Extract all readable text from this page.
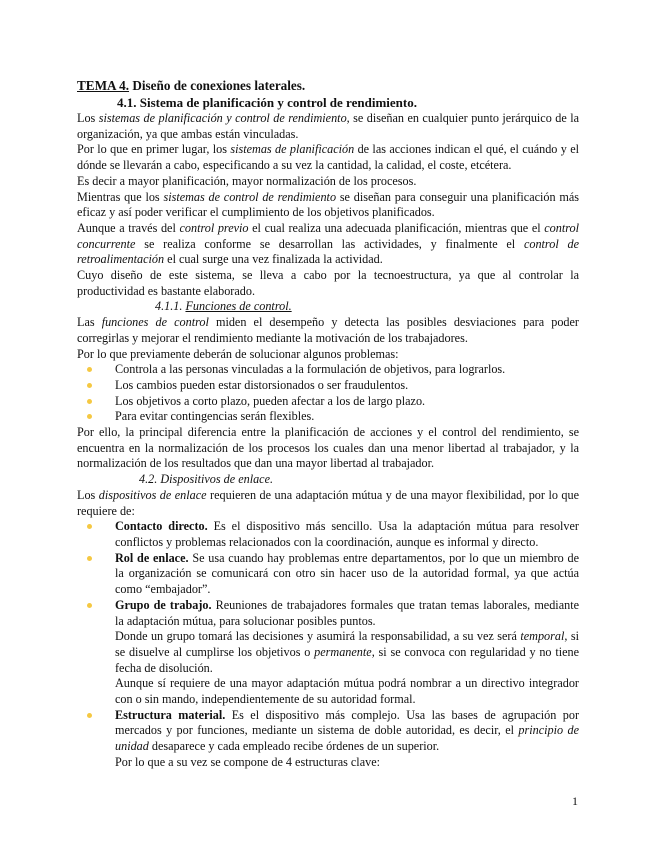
TEMA 4. Diseño de conexiones laterales.
4.1. Sistema de planificación y control de rendimiento.

Los sistemas de planificación y control de rendimiento, se diseñan en cualquier punto jerárquico de la organización, ya que ambas están vinculadas.

Por lo que en primer lugar, los sistemas de planificación de las acciones indican el qué, el cuándo y el dónde se llevarán a cabo, especificando a su vez la cantidad, la calidad, el coste, etcétera.

Es decir a mayor planificación, mayor normalización de los procesos.

Mientras que los sistemas de control de rendimiento se diseñan para conseguir una planificación más eficaz y así poder verificar el cumplimiento de los objetivos planificados.

Aunque a través del control previo el cual realiza una adecuada planificación, mientras que el control concurrente se realiza conforme se desarrollan las actividades, y finalmente el control de retroalimentación el cual surge una vez finalizada la actividad.

Cuyo diseño de este sistema, se lleva a cabo por la tecnoestructura, ya que al controlar la productividad es bastante elaborado.

4.1.1. Funciones de control.

Las funciones de control miden el desempeño y detecta las posibles desviaciones para poder corregirlas y mejorar el rendimiento mediante la motivación de los trabajadores.

Por lo que previamente deberán de solucionar algunos problemas:

Controla a las personas vinculadas a la formulación de objetivos, para lograrlos.
Los cambios pueden estar distorsionados o ser fraudulentos.
Los objetivos a corto plazo, pueden afectar a los de largo plazo.
Para evitar contingencias serán flexibles.

Por ello, la principal diferencia entre la planificación de acciones y el control del rendimiento, se encuentra en la normalización de los procesos los cuales dan una menor libertad al trabajador, y la normalización de los resultados que dan una mayor libertad al trabajador.

4.2. Dispositivos de enlace.

Los dispositivos de enlace requieren de una adaptación mútua y de una mayor flexibilidad, por lo que requiere de:

Contacto directo. Es el dispositivo más sencillo. Usa la adaptación mútua para resolver conflictos y problemas relacionados con la coordinación, aunque es informal y directo.
Rol de enlace. Se usa cuando hay problemas entre departamentos, por lo que un miembro de la organización se comunicará con otro sin hacer uso de la autoridad formal, ya que actúa como “embajador”.
Grupo de trabajo. Reuniones de trabajadores formales que tratan temas laborales, mediante la adaptación mútua, para solucionar posibles puntos.
Donde un grupo tomará las decisiones y asumirá la responsabilidad, a su vez será temporal, si se disuelve al cumplirse los objetivos o permanente, si se convoca con regularidad y no tiene fecha de disolución.
Aunque sí requiere de una mayor adaptación mútua podrá nombrar a un directivo integrador con o sin mando, independientemente de su autoridad formal.
Estructura material. Es el dispositivo más complejo. Usa las bases de agrupación por mercados y por funciones, mediante un sistema de doble autoridad, es decir, el principio de unidad desaparece y cada empleado recibe órdenes de un superior.
Por lo que a su vez se compone de 4 estructuras clave:
1
